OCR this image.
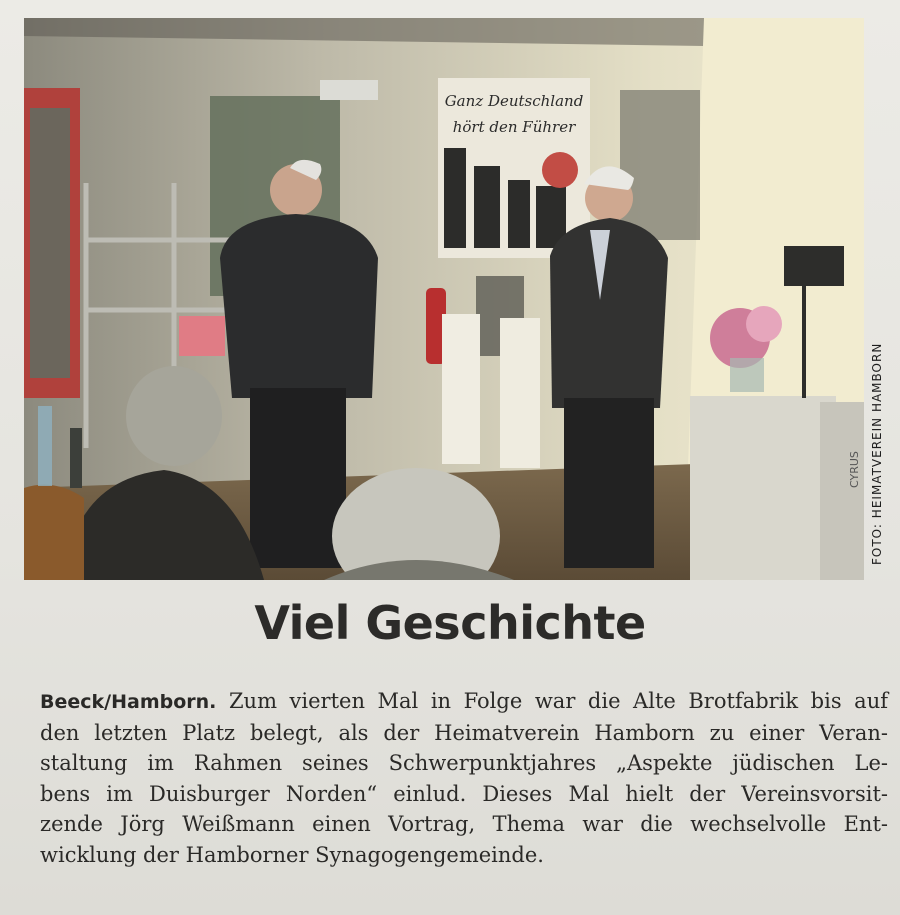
Ganz Deutschland
hört den Führer
CYRUS
FOTO: HEIMATVEREIN HAMBORN
Viel Geschichte
Beeck/Hamborn. Zum vierten Mal in Folge war die Alte Brotfabrik bis auf
den letzten Platz belegt, als der Heimatverein Hamborn zu einer Veran-
staltung im Rahmen seines Schwerpunktjahres „Aspekte jüdischen Le-
bens im Duisburger Norden“ einlud. Dieses Mal hielt der Vereinsvorsit-
zende Jörg Weißmann einen Vortrag, Thema war die wechselvolle Ent-
wicklung der Hamborner Synagogengemeinde.
